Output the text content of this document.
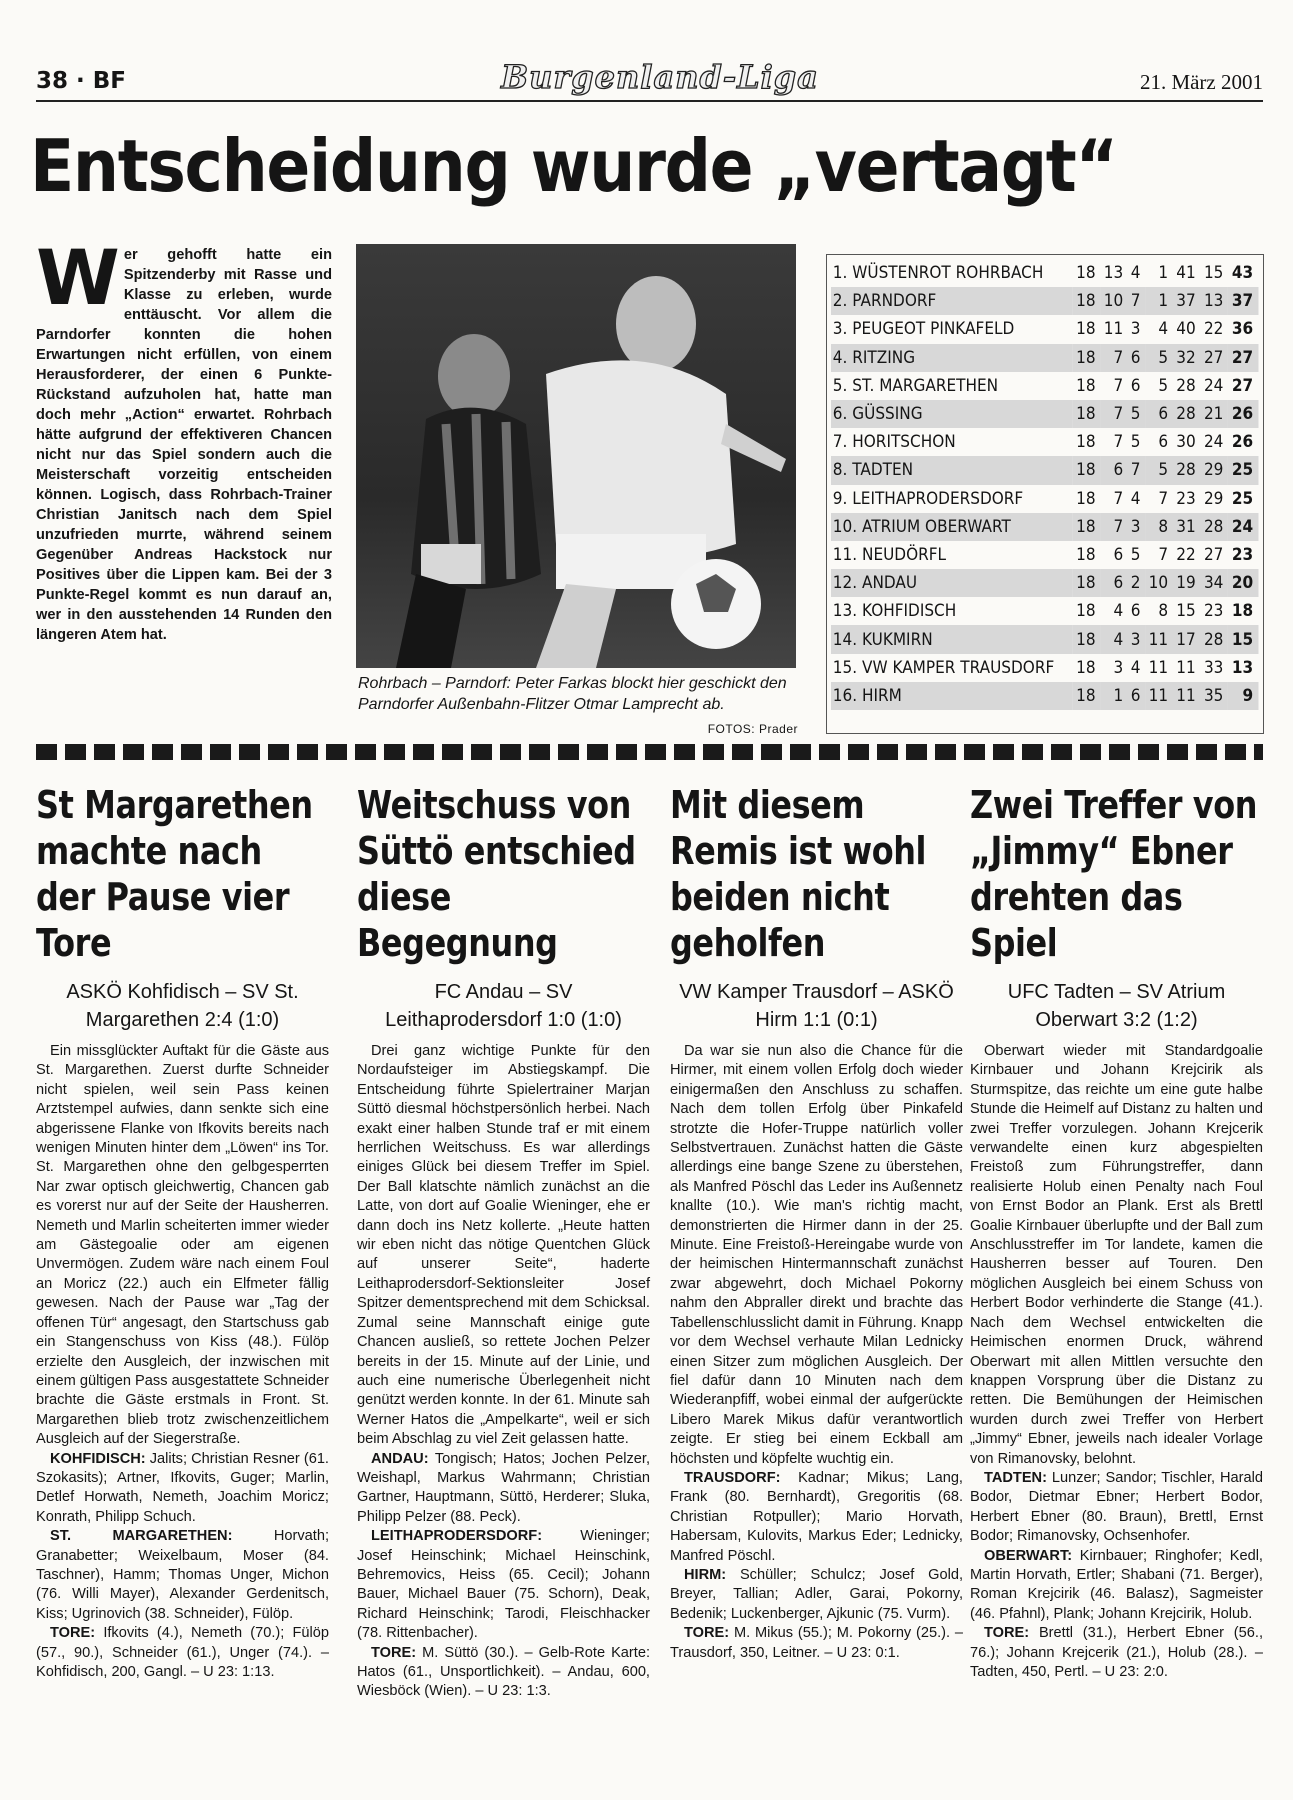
38 · BF	Burgenland-Liga	21. März 2001
Entscheidung wurde „vertagt“
W er gehofft hatte ein Spitzenderby mit Rasse und Klasse zu erleben, wurde enttäuscht. Vor allem die Parndorfer konnten die hohen Erwartungen nicht erfüllen, von einem Herausforderer, der einen 6 Punkte-Rückstand aufzuholen hat, hatte man doch mehr „Action“ erwartet. Rohrbach hätte aufgrund der effektiveren Chancen nicht nur das Spiel sondern auch die Meisterschaft vorzeitig entscheiden können. Logisch, dass Rohrbach-Trainer Christian Janitsch nach dem Spiel unzufrieden murrte, während seinem Gegenüber Andreas Hackstock nur Positives über die Lippen kam. Bei der 3 Punkte-Regel kommt es nun darauf an, wer in den ausstehenden 14 Runden den längeren Atem hat.
Rohrbach – Parndorf: Peter Farkas blockt hier geschickt den Parndorfer Außenbahn-Flitzer Otmar Lamprecht ab.
FOTOS: Prader
1. WÜSTENROT ROHRBACH	18	13	4	1	41	15	43
2. PARNDORF	18	10	7	1	37	13	37
3. PEUGEOT PINKAFELD	18	11	3	4	40	22	36
4. RITZING	18	7	6	5	32	27	27
5. ST. MARGARETHEN	18	7	6	5	28	24	27
6. GÜSSING	18	7	5	6	28	21	26
7. HORITSCHON	18	7	5	6	30	24	26
8. TADTEN	18	6	7	5	28	29	25
9. LEITHAPRODERSDORF	18	7	4	7	23	29	25
10. ATRIUM OBERWART	18	7	3	8	31	28	24
11. NEUDÖRFL	18	6	5	7	22	27	23
12. ANDAU	18	6	2	10	19	34	20
13. KOHFIDISCH	18	4	6	8	15	23	18
14. KUKMIRN	18	4	3	11	17	28	15
15. VW KAMPER TRAUSDORF	18	3	4	11	11	33	13
16. HIRM	18	1	6	11	11	35	9
St Margarethen machte nach der Pause vier Tore
ASKÖ Kohfidisch – SV St. Margarethen 2:4 (1:0)
Ein missglückter Auftakt für die Gäste aus St. Margarethen. Zuerst durfte Schneider nicht spielen, weil sein Pass keinen Arztstempel aufwies, dann senkte sich eine abgerissene Flanke von Ifkovits bereits nach wenigen Minuten hinter dem „Löwen“ ins Tor. St. Margarethen ohne den gelbgesperrten Nar zwar optisch gleichwertig, Chancen gab es vorerst nur auf der Seite der Hausherren. Nemeth und Marlin scheiterten immer wieder am Gästegoalie oder am eigenen Unvermögen. Zudem wäre nach einem Foul an Moricz (22.) auch ein Elfmeter fällig gewesen. Nach der Pause war „Tag der offenen Tür“ angesagt, den Startschuss gab ein Stangenschuss von Kiss (48.). Fülöp erzielte den Ausgleich, der inzwischen mit einem gültigen Pass ausgestattete Schneider brachte die Gäste erstmals in Front. St. Margarethen blieb trotz zwischenzeitlichem Ausgleich auf der Siegerstraße.
KOHFIDISCH: Jalits; Christian Resner (61. Szokasits); Artner, Ifkovits, Guger; Marlin, Detlef Horwath, Nemeth, Joachim Moricz; Konrath, Philipp Schuch.
ST. MARGARETHEN:	Horvath; Granabetter; Weixelbaum, Moser (84. Taschner), Hamm; Thomas Unger, Michon (76. Willi Mayer), Alexander Gerdenitsch, Kiss; Ugrinovich (38. Schneider), Fülöp.
TORE: Ifkovits (4.), Nemeth (70.); Fülöp (57., 90.), Schneider (61.), Unger (74.). – Kohfidisch, 200, Gangl. – U 23: 1:13.
Weitschuss von Süttö entschied diese Begegnung
FC Andau – SV Leithaprodersdorf 1:0 (1:0)
Drei ganz wichtige Punkte für den Nordaufsteiger im Abstiegskampf. Die Entscheidung führte Spielertrainer Marjan Süttö diesmal höchstpersönlich herbei. Nach exakt einer halben Stunde traf er mit einem herrlichen Weitschuss. Es war allerdings einiges Glück bei diesem Treffer im Spiel. Der Ball klatschte nämlich zunächst an die Latte, von dort auf Goalie Wieninger, ehe er dann doch ins Netz kollerte. „Heute hatten wir eben nicht das nötige Quentchen Glück auf unserer Seite“, haderte Leithaprodersdorf-Sektionsleiter Josef Spitzer dementsprechend mit dem Schicksal. Zumal seine Mannschaft einige gute Chancen ausließ, so rettete Jochen Pelzer bereits in der 15. Minute auf der Linie, und auch eine numerische Überlegenheit nicht genützt werden konnte. In der 61. Minute sah Werner Hatos die „Ampelkarte“, weil er sich beim Abschlag zu viel Zeit gelassen hatte.
ANDAU: Tongisch; Hatos; Jochen Pelzer, Weishapl, Markus Wahrmann; Christian Gartner, Hauptmann, Süttö, Herderer; Sluka, Philipp Pelzer (88. Peck).
LEITHAPRODERSDORF:	Wieninger; Josef Heinschink; Michael Heinschink, Behremovics, Heiss (65. Cecil); Johann Bauer, Michael Bauer (75. Schorn), Deak, Richard Heinschink; Tarodi, Fleischhacker (78. Rittenbacher).
TORE: M. Süttö (30.). – Gelb-Rote Karte: Hatos (61., Unsportlichkeit). – Andau, 600, Wiesböck (Wien). – U 23: 1:3.
Mit diesem Remis ist wohl beiden nicht geholfen
VW Kamper Trausdorf – ASKÖ Hirm 1:1 (0:1)
Da war sie nun also die Chance für die Hirmer, mit einem vollen Erfolg doch wieder einigermaßen den Anschluss zu schaffen. Nach dem tollen Erfolg über Pinkafeld strotzte die Hofer-Truppe natürlich voller Selbstvertrauen. Zunächst hatten die Gäste allerdings eine bange Szene zu überstehen, als Manfred Pöschl das Leder ins Außennetz knallte (10.). Wie man's richtig macht, demonstrierten die Hirmer dann in der 25. Minute. Eine Freistoß-Hereingabe wurde von der heimischen Hintermannschaft zunächst zwar abgewehrt, doch Michael Pokorny nahm den Abpraller direkt und brachte das Tabellenschlusslicht damit in Führung. Knapp vor dem Wechsel verhaute Milan Lednicky einen Sitzer zum möglichen Ausgleich. Der fiel dafür dann 10 Minuten nach dem Wiederanpfiff, wobei einmal der aufgerückte Libero Marek Mikus dafür verantwortlich zeigte. Er stieg bei einem Eckball am höchsten und köpfelte wuchtig ein.
TRAUSDORF: Kadnar; Mikus; Lang, Frank (80. Bernhardt), Gregoritis (68. Christian Rotpuller); Mario Horvath, Habersam, Kulovits, Markus Eder; Lednicky, Manfred Pöschl.
HIRM: Schüller; Schulcz; Josef Gold, Breyer, Tallian; Adler, Garai, Pokorny, Bedenik; Luckenberger, Ajkunic (75. Vurm).
TORE: M. Mikus (55.); M. Pokorny (25.). – Trausdorf, 350, Leitner. – U 23: 0:1.
Zwei Treffer von „Jimmy“ Ebner drehten das Spiel
UFC Tadten – SV Atrium Oberwart 3:2 (1:2)
Oberwart wieder mit Standardgoalie Kirnbauer und Johann Krejcirik als Sturmspitze, das reichte um eine gute halbe Stunde die Heimelf auf Distanz zu halten und zwei Treffer vorzulegen. Johann Krejcerik verwandelte einen kurz abgespielten Freistoß zum Führungstreffer, dann realisierte Holub einen Penalty nach Foul von Ernst Bodor an Plank. Erst als Brettl Goalie Kirnbauer überlupfte und der Ball zum Anschlusstreffer im Tor landete, kamen die Hausherren besser auf Touren. Den möglichen Ausgleich bei einem Schuss von Herbert Bodor verhinderte die Stange (41.). Nach dem Wechsel entwickelten die Heimischen enormen Druck, während Oberwart mit allen Mittlen versuchte den knappen Vorsprung über die Distanz zu retten. Die Bemühungen der Heimischen wurden durch zwei Treffer von Herbert „Jimmy“ Ebner, jeweils nach idealer Vorlage von Rimanovsky, belohnt.
TADTEN: Lunzer; Sandor; Tischler, Harald Bodor, Dietmar Ebner; Herbert Bodor, Herbert Ebner (80. Braun), Brettl, Ernst Bodor; Rimanovsky, Ochsenhofer.
OBERWART: Kirnbauer; Ringhofer; Kedl, Martin Horvath, Ertler; Shabani (71. Berger), Roman Krejcirik (46. Balasz), Sagmeister (46. Pfahnl), Plank; Johann Krejcirik, Holub.
TORE: Brettl (31.), Herbert Ebner (56., 76.); Johann Krejcerik (21.), Holub (28.). – Tadten, 450, Pertl. – U 23: 2:0.
